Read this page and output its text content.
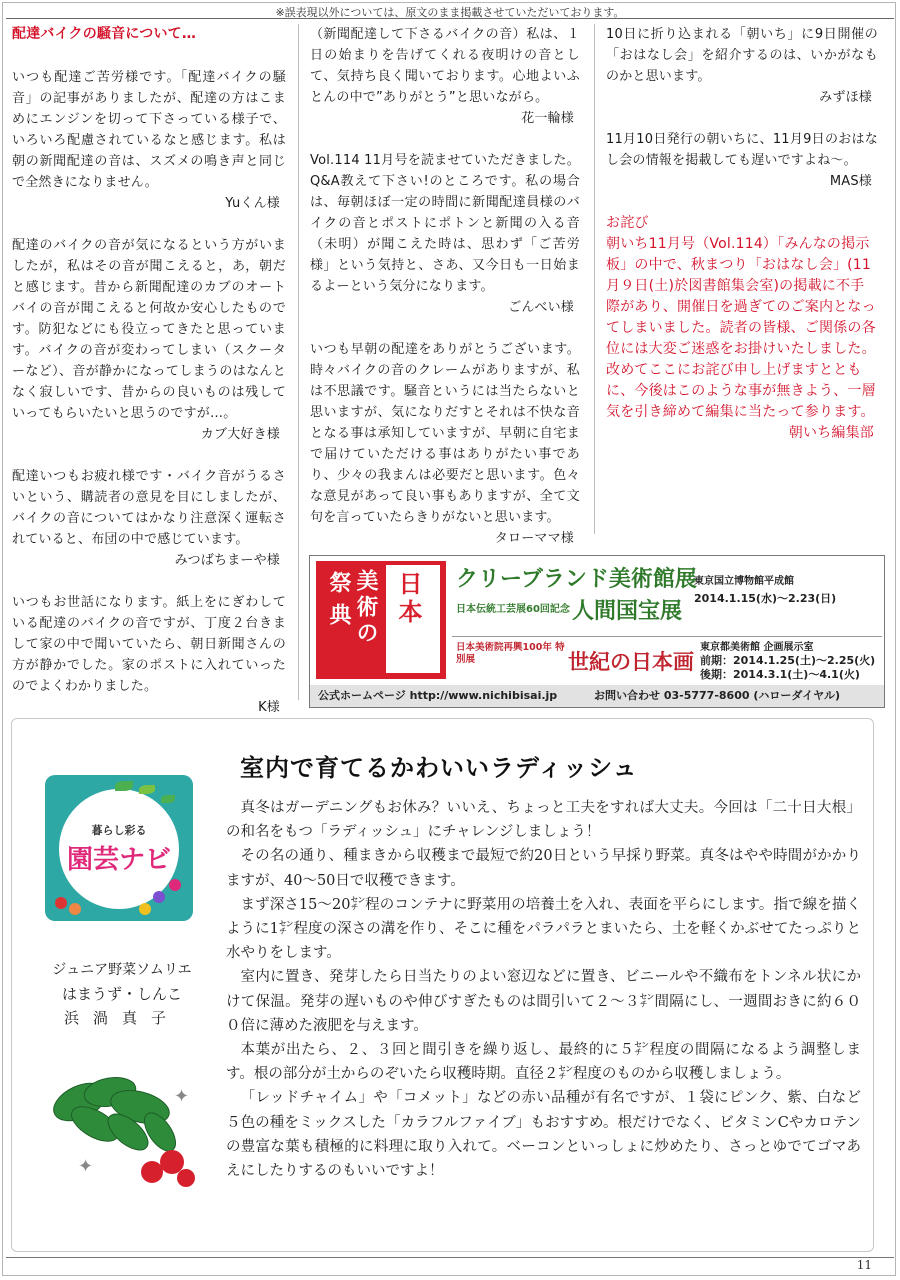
※誤表現以外については、原文のまま掲載させていただいております。
配達バイクの騒音について…

いつも配達ご苦労様です。「配達バイクの騒音」の記事がありましたが、配達の方はこまめにエンジンを切って下さっている様子で、いろいろ配慮されているなと感じます。私は朝の新聞配達の音は、スズメの鳴き声と同じで全然きになりません。

Yuくん様

配達のバイクの音が気になるという方がいましたが，私はその音が聞こえると，あ，朝だと感じます。昔から新聞配達のカブのオートバイの音が聞こえると何故か安心したものです。防犯などにも役立ってきたと思っています。バイクの音が変わってしまい（スクーターなど）、音が静かになってしまうのはなんとなく寂しいです、昔からの良いものは残していってもらいたいと思うのですが…。

カブ大好き様

配達いつもお疲れ様です・バイク音がうるさいという、購読者の意見を目にしましたが、バイクの音についてはかなり注意深く運転されていると、布団の中で感じています。

みつばちまーや様

いつもお世話になります。紙上をにぎわしている配達のバイクの音ですが、丁度２台きまして家の中で聞いていたら、朝日新聞さんの方が静かでした。家のポストに入れていったのでよくわかりました。

K様

（新聞配達して下さるバイクの音）私は、１日の始まりを告げてくれる夜明けの音として、気持ち良く聞いております。心地よいふとんの中で”ありがとう”と思いながら。

花一輪様

Vol.114 11月号を読ませていただきました。Q&A教えて下さい!のところです。私の場合は、毎朝ほぼ一定の時間に新聞配達員様のバイクの音とポストにポトンと新聞の入る音（未明）が聞こえた時は、思わず「ご苦労様」という気持と、さあ、又今日も一日始まるよーという気分になります。

ごんべい様

いつも早朝の配達をありがとうございます。時々バイクの音のクレームがありますが、私は不思議です。騒音というには当たらないと思いますが、気になりだすとそれは不快な音となる事は承知していますが、早朝に自宅まで届けていただける事はありがたい事であり、少々の我まんは必要だと思います。色々な意見があって良い事もありますが、全て文句を言っていたらきりがないと思います。

タローママ様

10日に折り込まれる「朝いち」に9日開催の「おはなし会」を紹介するのは、いかがなものかと思います。

みずほ様

11月10日発行の朝いちに、11月9日のおはなし会の情報を掲載しても遅いですよね〜。

MAS様
お詫び

朝いち11月号（Vol.114）「みんなの掲示板」の中で、秋まつり「おはなし会」(11月９日(土)於図書館集会室)の掲載に不手際があり、開催日を過ぎてのご案内となってしまいました。読者の皆様、ご関係の各位には大変ご迷惑をお掛けいたしました。改めてここにお詫び申し上げますとともに、今後はこのような事が無きよう、一層気を引き締めて編集に当たって参ります。

朝いち編集部
祭典 美術の 日本 クリーブランド美術館展
日本伝統工芸展60回記念 人間国宝展
東京国立博物館平成館
2014.1.15(水)〜2.23(日)
日本美術院再興100年 特別展	世紀の日本画
東京都美術館 企画展示室
前期：2014.1.25(土)〜2.25(火)
後期：2014.3.1(土)〜4.1(火)
公式ホームページ http://www.nichibisai.jp	お問い合わせ 03-5777-8600 (ハローダイヤル)
暮らし彩る
園芸ナビ
ジュニア野菜ソムリエ
はまうず・しんこ
浜渦真子
✦
✦
室内で育てるかわいいラディッシュ

真冬はガーデニングもお休み？いいえ、ちょっと工夫をすれば大丈夫。今回は「二十日大根」の和名をもつ「ラディッシュ」にチャレンジしましょう！

その名の通り、種まきから収穫まで最短で約20日という早採り野菜。真冬はやや時間がかかりますが、40～50日で収穫できます。

まず深さ15～20㌢程のコンテナに野菜用の培養土を入れ、表面を平らにします。指で線を描くように1㌢程度の深さの溝を作り、そこに種をパラパラとまいたら、土を軽くかぶせてたっぷりと水やりをします。

室内に置き、発芽したら日当たりのよい窓辺などに置き、ビニールや不織布をトンネル状にかけて保温。発芽の遅いものや伸びすぎたものは間引いて２～３㌢間隔にし、一週間おきに約６００倍に薄めた液肥を与えます。

本葉が出たら、２、３回と間引きを繰り返し、最終的に５㌢程度の間隔になるよう調整します。根の部分が土からのぞいたら収穫時期。直径２㌢程度のものから収穫しましょう。

「レッドチャイム」や「コメット」などの赤い品種が有名ですが、１袋にピンク、紫、白など５色の種をミックスした「カラフルファイブ」もおすすめ。根だけでなく、ビタミンCやカロテンの豊富な葉も積極的に料理に取り入れて。ベーコンといっしょに炒めたり、さっとゆでてゴマあえにしたりするのもいいですよ！

11
